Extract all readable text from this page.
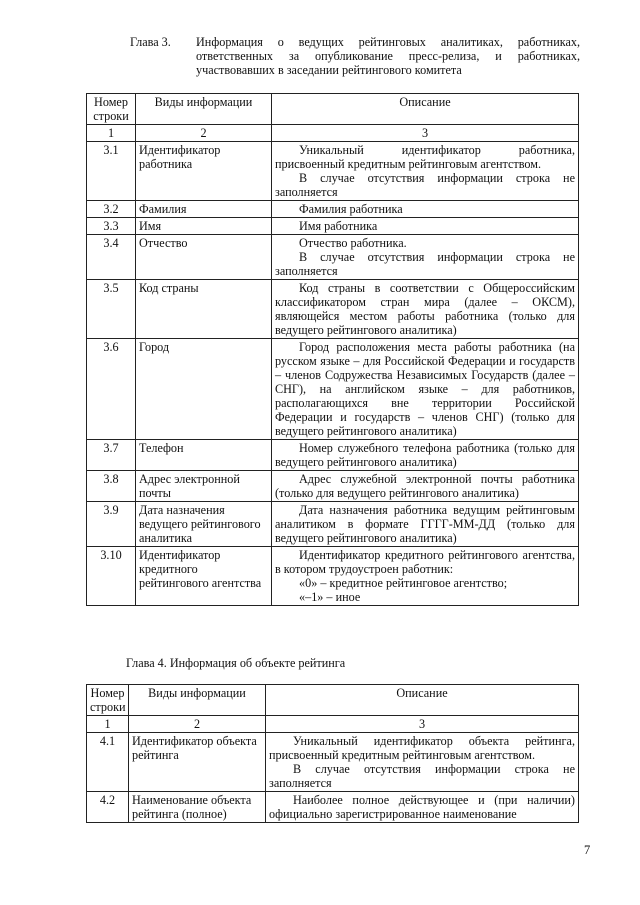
Глава 3.	Информация о ведущих рейтинговых аналитиках, работниках,
ответственных за опубликование пресс-релиза, и работниках,
участвовавших в заседании рейтингового комитета
Номер строки	Виды информации	Описание
1	2	3
3.1	Идентификатор работника	Уникальный идентификатор работника, присвоенный кредитным рейтинговым агентством.

В случае отсутствия информации строка не заполняется

3.2	Фамилия	Фамилия работника

3.3	Имя	Имя работника

3.4	Отчество	Отчество работника.

В случае отсутствия информации строка не заполняется

3.5	Код страны	Код страны в соответствии с Общероссийским классификатором стран мира (далее – ОКСМ), являющейся местом работы работника (только для ведущего рейтингового аналитика)

3.6	Город	Город расположения места работы работника (на русском языке – для Российской Федерации и государств – членов Содружества Независимых Государств (далее – СНГ), на английском языке – для работников, располагающихся вне территории Российской Федерации и государств – членов СНГ) (только для ведущего рейтингового аналитика)

3.7	Телефон	Номер служебного телефона работника (только для ведущего рейтингового аналитика)

3.8	Адрес электронной почты	Адрес служебной электронной почты работника (только для ведущего рейтингового аналитика)

3.9	Дата назначения ведущего рейтингового аналитика	Дата назначения работника ведущим рейтинговым аналитиком в формате ГГГГ-ММ-ДД (только для ведущего рейтингового аналитика)

3.10	Идентификатор кредитного рейтингового агентства	Идентификатор кредитного рейтингового агентства, в котором трудоустроен работник:

«0» – кредитное рейтинговое агентство;

«–1» – иное

Глава 4. Информация об объекте рейтинга
Номер строки	Виды информации	Описание
1	2	3
4.1	Идентификатор объекта рейтинга	Уникальный идентификатор объекта рейтинга, присвоенный кредитным рейтинговым агентством.

В случае отсутствия информации строка не заполняется

4.2	Наименование объекта рейтинга (полное)	Наиболее полное действующее и (при наличии) официально зарегистрированное наименование

7
